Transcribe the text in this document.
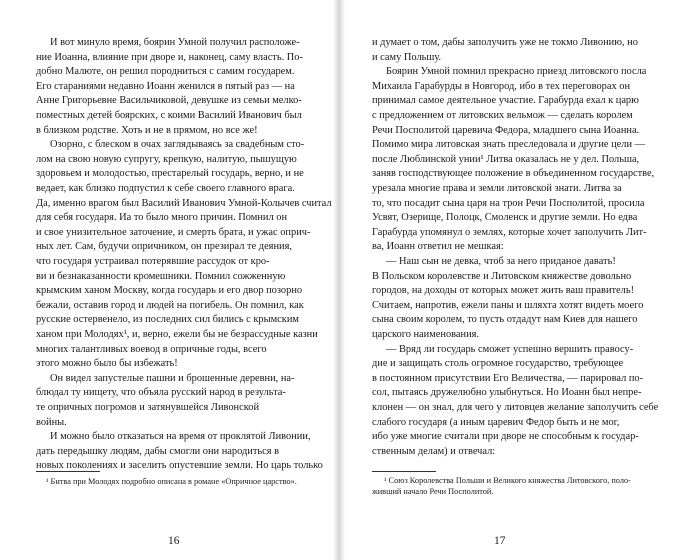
И вот минуло время, боярин Умной получил расположе-
ние Иоанна, влияние при дворе и, наконец, саму власть. По-
добно Малюте, он решил породниться с самим государем.
Его стараниями недавно Иоанн женился в пятый раз — на
Анне Григорьевне Васильчиковой, девушке из семьи мелко-
поместных детей боярских, с коими Василий Иванович был
в близком родстве. Хоть и не в прямом, но все же!
Озорно, с блеском в очах заглядываясь за свадебным сто-
лом на свою новую супругу, крепкую, налитую, пышущую
здоровьем и молодостью, престарелый государь, верно, и не
ведает, как близко подпустил к себе своего главного врага.
Да, именно врагом был Василий Иванович Умной-Колычев считал
для себя государя. Иа то было много причин. Помнил он
и свое унизительное заточение, и смерть брата, и ужас оприч-
ных лет. Сам, будучи опричником, он презирал те деяния,
что государя устраивал потерявшие рассудок от кро-
ви и безнаказанности кромешники. Помнил сожженную
крымским ханом Москву, когда государь и его двор позорно
бежали, оставив город и людей на погибель. Он помнил, как
русские остервенело, из последних сил бились с крымским
ханом при Молодях¹, и, верно, ежели бы не безрассудные казни
многих талантливых воевод в опричные годы, всего
этого можно было бы избежать!
Он видел запустелые пашни и брошенные деревни, на-
блюдал ту нищету, что объяла русский народ в результа-
те опричных погромов и затянувшейся Ливонской
войны.
И можно было отказаться на время от проклятой Ливонии,
дать передышку людям, дабы смогли они народиться в
новых поколениях и заселить опустевшие земли. Но царь только
и думает о том, дабы заполучить уже не токмо Ливонию, но
и саму Польшу.
Боярин Умной помнил прекрасно приезд литовского посла
Михаила Гарабурды в Новгород, ибо в тех переговорах он
принимал самое деятельное участие. Гарабурда ехал к царю
с предложением от литовских вельмож — сделать королем
Речи Посполитой царевича Федора, младшего сына Иоанна.
Помимо мира литовская знать преследовала и другие цели —
после Люблинской унии¹ Литва оказалась не у дел. Польша,
заняв господствующее положение в объединенном государстве,
урезала многие права и земли литовской знати. Литва за
то, что посадит сына царя на трон Речи Посполитой, просила
Усвят, Озерище, Полоцк, Смоленск и другие земли. Но едва
Гарабурда упомянул о землях, которые хочет заполучить Лит-
ва, Иоанн ответил не мешкая:
— Наш сын не девка, чтоб за него приданое давать!
В Польском королевстве и Литовском княжестве довольно
городов, на доходы от которых может жить ваш правитель!
Считаем, напротив, ежели паны и шляхта хотят видеть моего
сына своим королем, то пусть отдадут нам Киев для нашего
царского наименования.
— Вряд ли государь сможет успешно вершить правосу-
дие и защищать столь огромное государство, требующее
в постоянном присутствии Его Величества, — парировал по-
сол, пытаясь дружелюбно улыбнуться. Но Иоанн был непре-
клонен — он знал, для чего у литовцев желание заполучить себе
слабого государя (а иным царевич Федор быть и не мог,
ибо уже многие считали при дворе не способным к государ-
ственным делам) и отвечал:
¹ Битва при Молодях подробно описана в романе «Опричное царство».	¹ Союз Королевства Польши и Великого княжества Литовского, поло-
живший начало Речи Посполитой.
16	17
